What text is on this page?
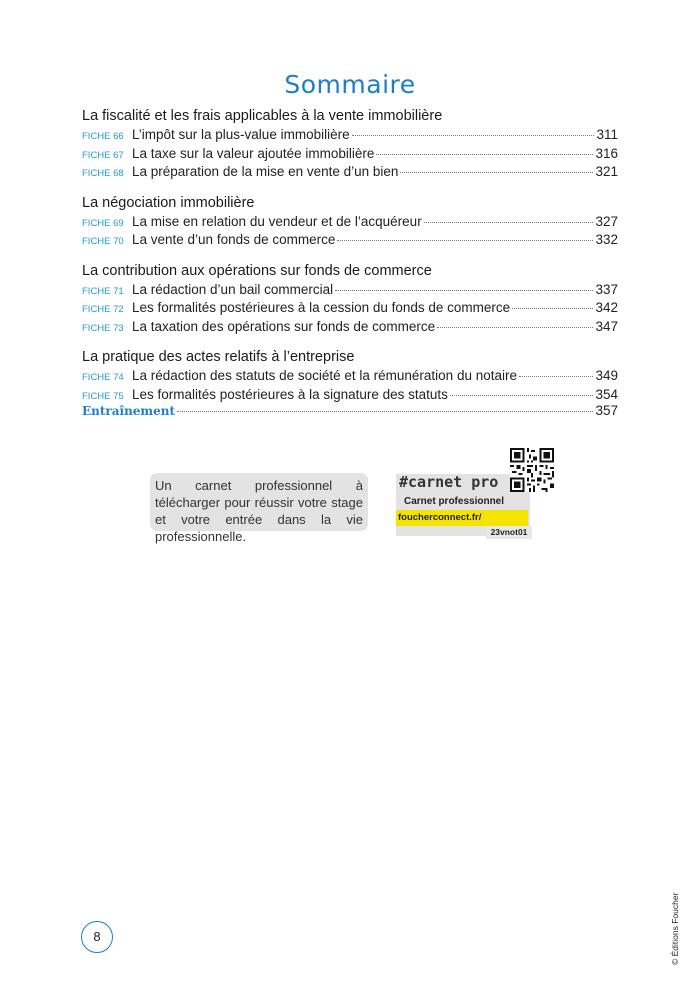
Sommaire
La fiscalité et les frais applicables à la vente immobilière
FICHE 66 L’impôt sur la plus-value immobilière	311
FICHE 67 La taxe sur la valeur ajoutée immobilière	316
FICHE 68 La préparation de la mise en vente d’un bien	321
La négociation immobilière
FICHE 69 La mise en relation du vendeur et de l’acquéreur	327
FICHE 70 La vente d’un fonds de commerce	332
La contribution aux opérations sur fonds de commerce
FICHE 71 La rédaction d’un bail commercial	337
FICHE 72 Les formalités postérieures à la cession du fonds de commerce	342
FICHE 73 La taxation des opérations sur fonds de commerce	347
La pratique des actes relatifs à l’entreprise
FICHE 74 La rédaction des statuts de société et la rémunération du notaire	349
FICHE 75 Les formalités postérieures à la signature des statuts	354
Entraînement	357
Un carnet professionnel à télécharger pour réussir votre stage et votre entrée dans la vie professionnelle.
#carnet pro
Carnet professionnel
foucherconnect.fr/
23vnot01
8	© Éditions Foucher
